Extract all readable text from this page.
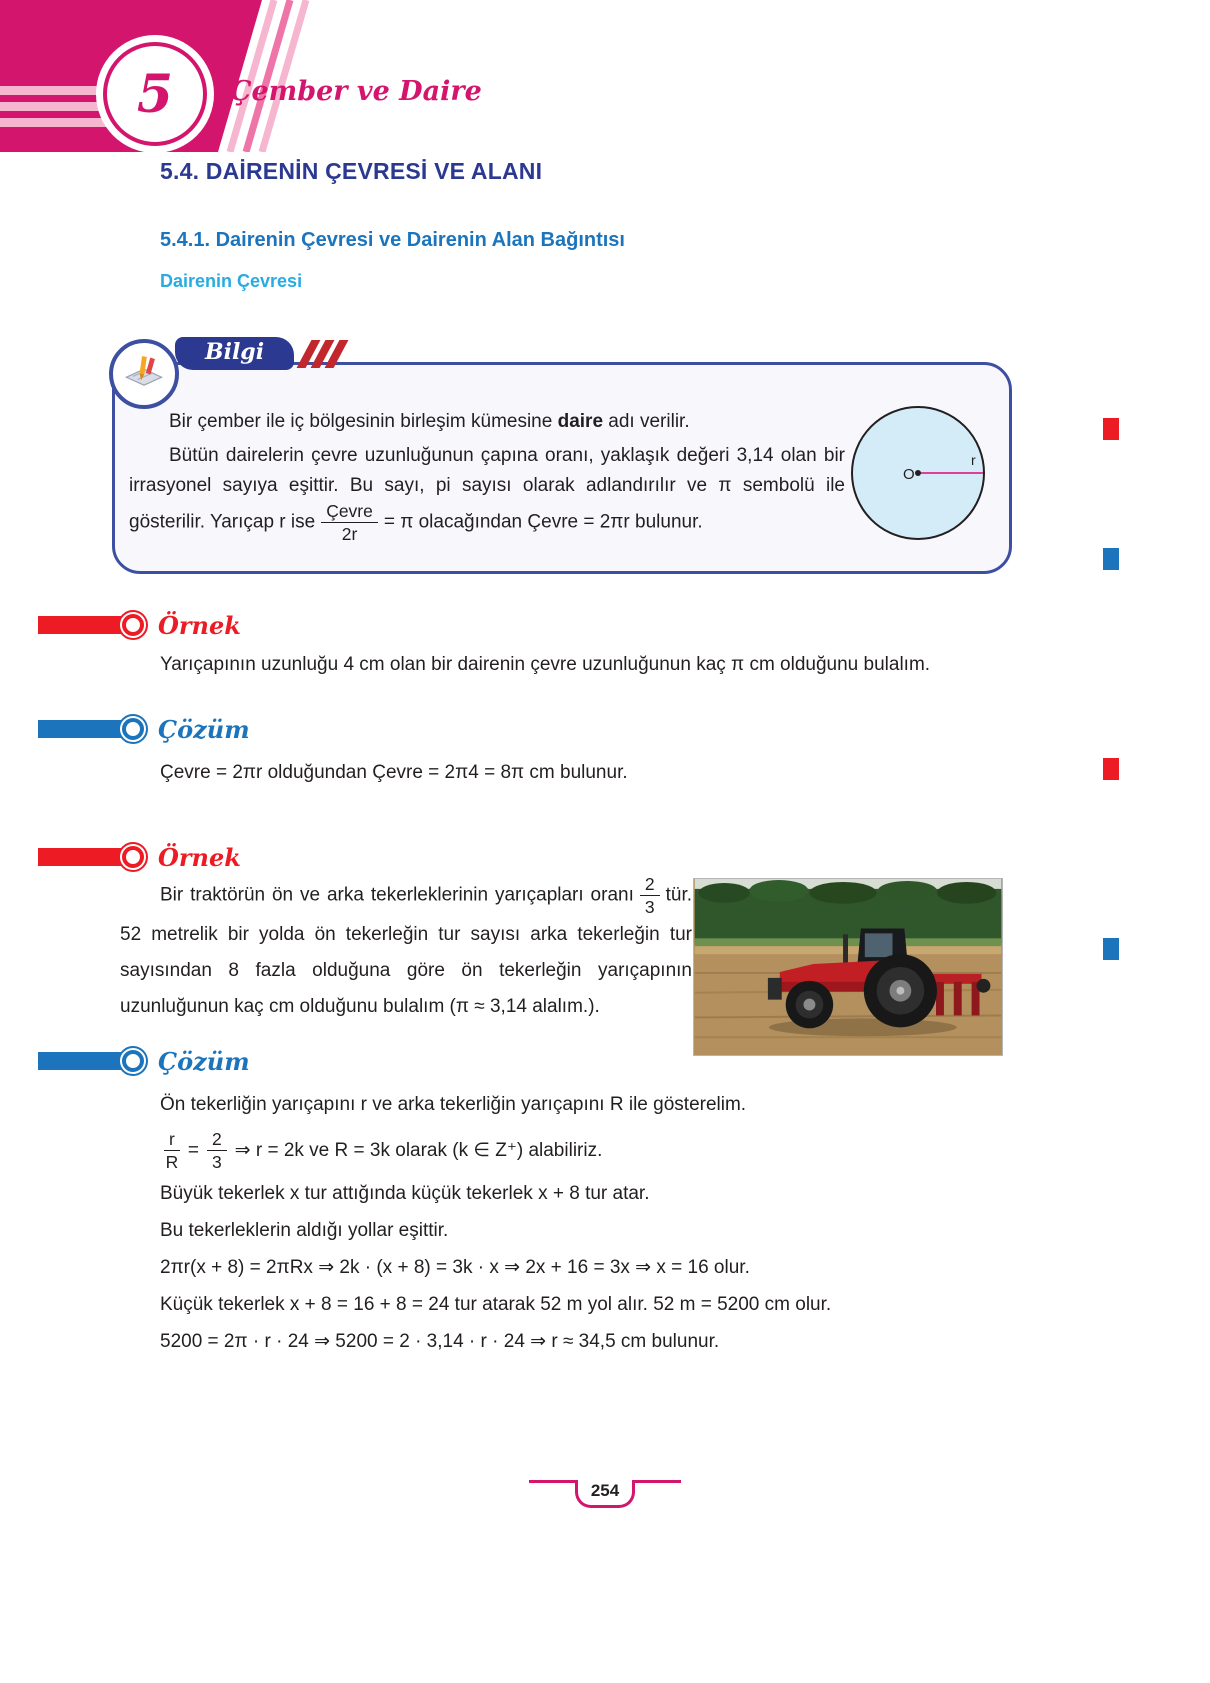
5 Çember ve Daire
5.4. DAİRENİN ÇEVRESİ VE ALANI
5.4.1. Dairenin Çevresi ve Dairenin Alan Bağıntısı
Dairenin Çevresi
Bilgi

Bir çember ile iç bölgesinin birleşim kümesine daire adı verilir.

Bütün dairelerin çevre uzunluğunun çapına oranı, yaklaşık değeri 3,14 olan bir irrasyonel sayıya eşittir. Bu sayı, pi sayısı olarak adlandırılır ve π sembolü ile gösterilir. Yarıçap r ise $\frac{\text{Çevre}}{2r} = \pi$ olacağından Çevre = 2πr bulunur.

O
r
Örnek

Yarıçapının uzunluğu 4 cm olan bir dairenin çevre uzunluğunun kaç π cm olduğunu bulalım.

Çözüm

Çevre = 2πr olduğundan Çevre = 2π4 = 8π cm bulunur.

Örnek

Bir traktörün ön ve arka tekerleklerinin yarıçapları oranı $\frac{2}{3}$ tür. 52 metrelik bir yolda ön tekerleğin tur sayısı arka tekerleğin tur sayısından 8 fazla olduğuna göre ön tekerleğin yarıçapının uzunluğunun kaç cm olduğunu bulalım (π ≈ 3,14 alalım.).

Çözüm

Ön tekerliğin yarıçapını r ve arka tekerliğin yarıçapını R ile gösterelim.

$\frac{r}{R} = \frac{2}{3}$ ⇒ r = 2k ve R = 3k olarak (k ∈ Z⁺) alabiliriz.

Büyük tekerlek x tur attığında küçük tekerlek x + 8 tur atar.

Bu tekerleklerin aldığı yollar eşittir.

2πr(x + 8) = 2πRx ⇒ 2k · (x + 8) = 3k · x ⇒ 2x + 16 = 3x ⇒ x = 16 olur.

Küçük tekerlek x + 8 = 16 + 8 = 24 tur atarak 52 m yol alır. 52 m = 5200 cm olur.

5200 = 2π · r · 24 ⇒ 5200 = 2 · 3,14 · r · 24 ⇒ r ≈ 34,5 cm bulunur.

254
